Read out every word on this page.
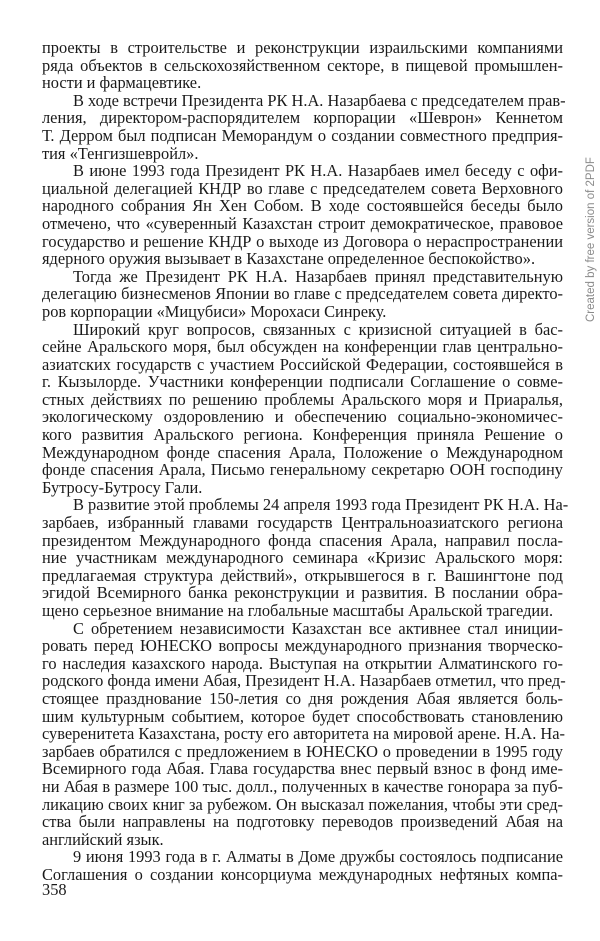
проекты в строительстве и реконструкции израильскими компаниями
ряда объектов в сельскохозяйственном секторе, в пищевой промышлен-
ности и фармацевтике.
В ходе встречи Президента РК Н.А. Назарбаева с председателем прав-
ления, директором-распорядителем корпорации «Шеврон» Кеннетом
Т. Дерром был подписан Меморандум о создании совместного предприя-
тия «Тенгизшевройл».
В июне 1993 года Президент РК Н.А. Назарбаев имел беседу с офи-
циальной делегацией КНДР во главе с председателем совета Верховного
народного собрания Ян Хен Собом. В ходе состоявшейся беседы было
отмечено, что «суверенный Казахстан строит демократическое, правовое
государство и решение КНДР о выходе из Договора о нераспространении
ядерного оружия вызывает в Казахстане определенное беспокойство».
Тогда же Президент РК Н.А. Назарбаев принял представительную
делегацию бизнесменов Японии во главе с председателем совета директо-
ров корпорации «Мицубиси» Морохаси Синреку.
Широкий круг вопросов, связанных с кризисной ситуацией в бас-
сейне Аральского моря, был обсужден на конференции глав центрально-
азиатских государств с участием Российской Федерации, состоявшейся в
г. Кызылорде. Участники конференции подписали Соглашение о совме-
стных действиях по решению проблемы Аральского моря и Приаралья,
экологическому оздоровлению и обеспечению социально-экономичес-
кого развития Аральского региона. Конференция приняла Решение о
Международном фонде спасения Арала, Положение о Международном
фонде спасения Арала, Письмо генеральному секретарю ООН господину
Бутросу-Бутросу Гали.
В развитие этой проблемы 24 апреля 1993 года Президент РК Н.А. На-
зарбаев, избранный главами государств Центральноазиатского региона
президентом Международного фонда спасения Арала, направил посла-
ние участникам международного семинара «Кризис Аральского моря:
предлагаемая структура действий», открывшегося в г. Вашингтоне под
эгидой Всемирного банка реконструкции и развития. В послании обра-
щено серьезное внимание на глобальные масштабы Аральской трагедии.
С обретением независимости Казахстан все активнее стал иниции-
ровать перед ЮНЕСКО вопросы международного признания творческо-
го наследия казахского народа. Выступая на открытии Алматинского го-
родского фонда имени Абая, Президент Н.А. Назарбаев отметил, что пред-
стоящее празднование 150-летия со дня рождения Абая является боль-
шим культурным событием, которое будет способствовать становлению
суверенитета Казахстана, росту его авторитета на мировой арене. Н.А. На-
зарбаев обратился с предложением в ЮНЕСКО о проведении в 1995 году
Всемирного года Абая. Глава государства внес первый взнос в фонд име-
ни Абая в размере 100 тыс. долл., полученных в качестве гонорара за пуб-
ликацию своих книг за рубежом. Он высказал пожелания, чтобы эти сред-
ства были направлены на подготовку переводов произведений Абая на
английский язык.
9 июня 1993 года в г. Алматы в Доме дружбы состоялось подписание
Соглашения о создании консорциума международных нефтяных компа-
358
Created by free version of 2PDF
